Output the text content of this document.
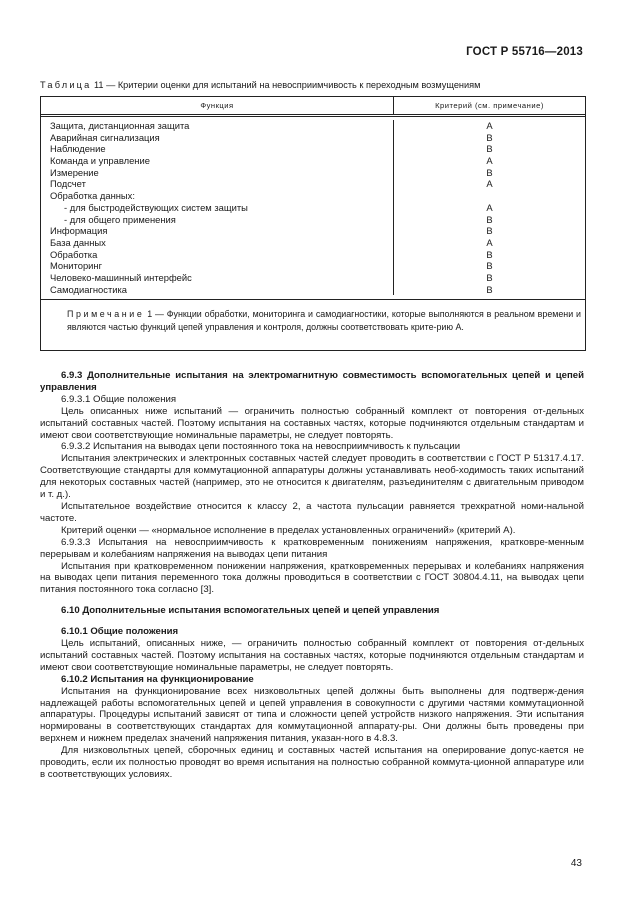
ГОСТ Р 55716—2013
Таблица 11 — Критерии оценки для испытаний на невосприимчивость к переходным возмущениям
Функция	Критерий (см. примечание)
Защита, дистанционная защита
Аварийная сигнализация
Наблюдение
Команда и управление
Измерение
Подсчет
Обработка данных:
- для быстродействующих систем защиты
- для общего применения
Информация
База данных
Обработка
Мониторинг
Человеко-машинный интерфейс
Самодиагностика
A
B
B
A
B
A
A
B
B
A
B
B
B
B
Примечание 1 — Функции обработки, мониторинга и самодиагностики, которые выполняются в реальном времени и являются частью функций цепей управления и контроля, должны соответствовать крите-рию А.

6.9.3 Дополнительные испытания на электромагнитную совместимость вспомогательных цепей и цепей управления

6.9.3.1 Общие положения

Цель описанных ниже испытаний — ограничить полностью собранный комплект от повторения от-дельных испытаний составных частей. Поэтому испытания на составных частях, которые подчиняются отдельным стандартам и имеют свои соответствующие номинальные параметры, не следует повторять.

6.9.3.2 Испытания на выводах цепи постоянного тока на невосприимчивость к пульсации

Испытания электрических и электронных составных частей следует проводить в соответствии с ГОСТ Р 51317.4.17. Соответствующие стандарты для коммутационной аппаратуры должны устанавливать необ-ходимость таких испытаний для некоторых составных частей (например, это не относится к двигателям, разъединителям с двигательным приводом и т. д.).

Испытательное воздействие относится к классу 2, а частота пульсации равняется трехкратной номи-нальной частоте.

Критерий оценки — «нормальное исполнение в пределах установленных ограничений» (критерий А).

6.9.3.3 Испытания на невосприимчивость к кратковременным понижениям напряжения, кратковре-менным перерывам и колебаниям напряжения на выводах цепи питания

Испытания при кратковременном понижении напряжения, кратковременных перерывах и колебаниях напряжения на выводах цепи питания переменного тока должны проводиться в соответствии с ГОСТ 30804.4.11, на выводах цепи питания постоянного тока согласно [3].

6.10 Дополнительные испытания вспомогательных цепей и цепей управления

6.10.1 Общие положения

Цель испытаний, описанных ниже, — ограничить полностью собранный комплект от повторения от-дельных испытаний составных частей. Поэтому испытания на составных частях, которые подчиняются отдельным стандартам и имеют свои соответствующие номинальные параметры, не следует повторять.

6.10.2 Испытания на функционирование

Испытания на функционирование всех низковольтных цепей должны быть выполнены для подтверж-дения надлежащей работы вспомогательных цепей и цепей управления в совокупности с другими частями коммутационной аппаратуры. Процедуры испытаний зависят от типа и сложности цепей устройств низкого напряжения. Эти испытания нормированы в соответствующих стандартах для коммутационной аппарату-ры. Они должны быть проведены при верхнем и нижнем пределах значений напряжения питания, указан-ного в 4.8.3.

Для низковольтных цепей, сборочных единиц и составных частей испытания на оперирование допус-кается не проводить, если их полностью проводят во время испытания на полностью собранной коммута-ционной аппаратуре или в соответствующих условиях.

43
